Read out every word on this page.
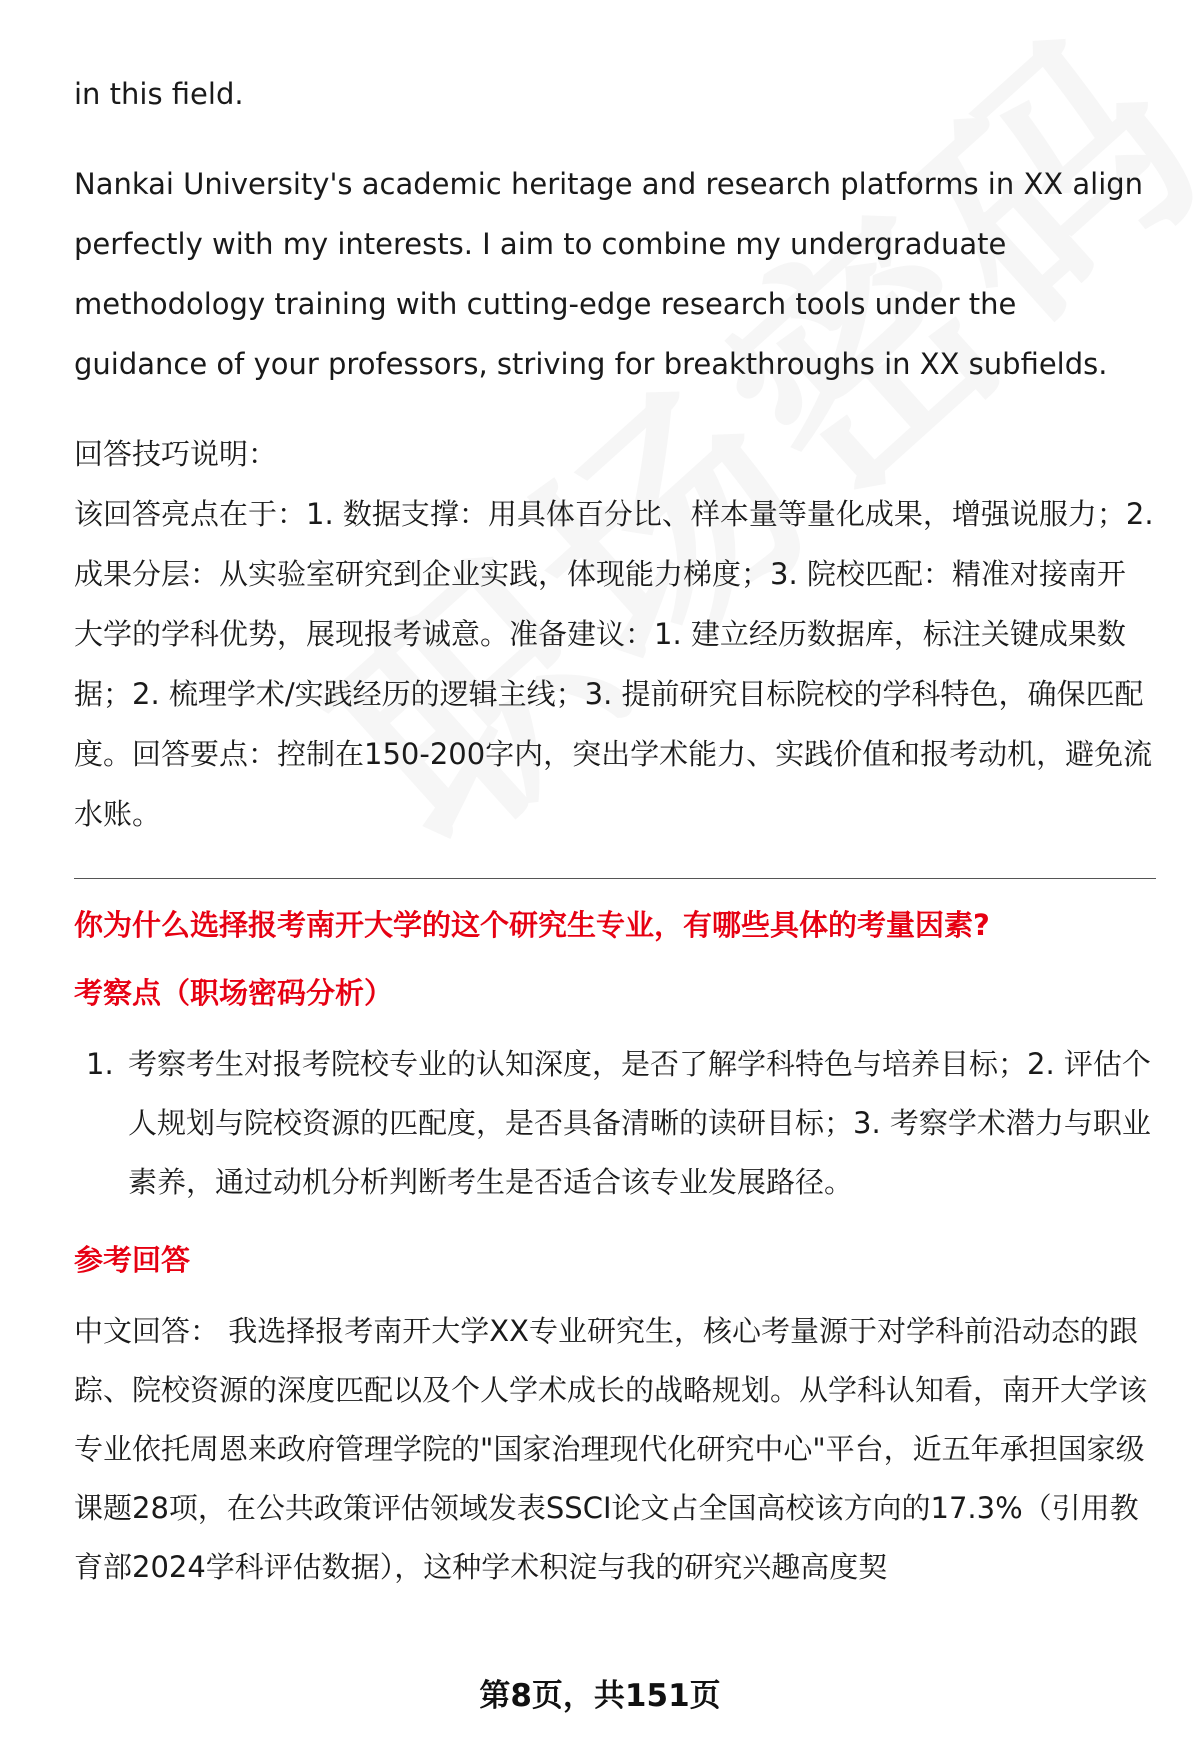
in this field.

Nankai University's academic heritage and research platforms in XX align perfectly with my interests. I aim to combine my undergraduate methodology training with cutting-edge research tools under the guidance of your professors, striving for breakthroughs in XX subfields.

回答技巧说明：

该回答亮点在于：1. 数据支撑：用具体百分比、样本量等量化成果，增强说服力；2. 成果分层：从实验室研究到企业实践，体现能力梯度；3. 院校匹配：精准对接南开大学的学科优势，展现报考诚意。准备建议：1. 建立经历数据库，标注关键成果数据；2. 梳理学术/实践经历的逻辑主线；3. 提前研究目标院校的学科特色，确保匹配度。回答要点：控制在150-200字内，突出学术能力、实践价值和报考动机，避免流水账。

你为什么选择报考南开大学的这个研究生专业，有哪些具体的考量因素?

考察点（职场密码分析）

1. 考察考生对报考院校专业的认知深度，是否了解学科特色与培养目标；2. 评估个人规划与院校资源的匹配度，是否具备清晰的读研目标；3. 考察学术潜力与职业素养，通过动机分析判断考生是否适合该专业发展路径。

参考回答

中文回答： 我选择报考南开大学XX专业研究生，核心考量源于对学科前沿动态的跟踪、院校资源的深度匹配以及个人学术成长的战略规划。从学科认知看，南开大学该专业依托周恩来政府管理学院的"国家治理现代化研究中心"平台，近五年承担国家级课题28项，在公共政策评估领域发表SSCI论文占全国高校该方向的17.3%（引用教育部2024学科评估数据），这种学术积淀与我的研究兴趣高度契

第8页，共151页
